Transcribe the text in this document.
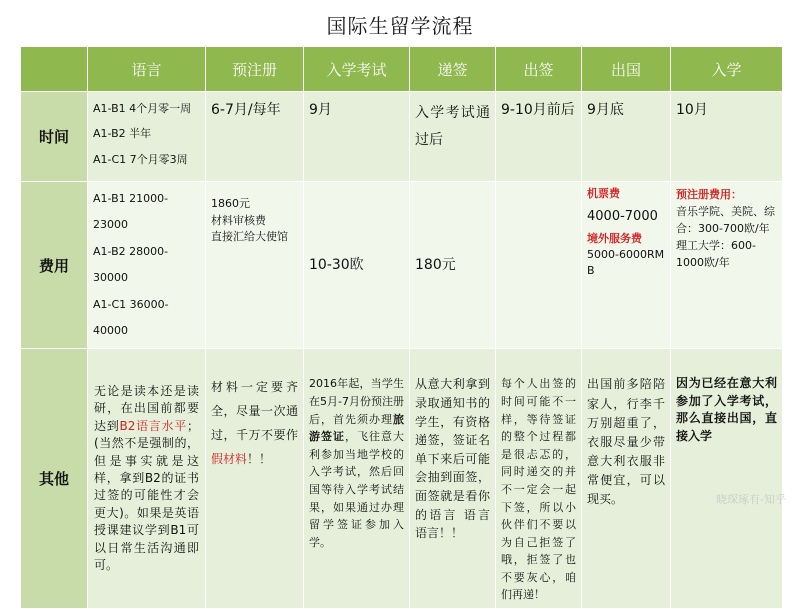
国际生留学流程
	语言	预注册	入学考试	递签	出签	出国	入学
时间	A1-B1 4个月零一周
A1-B2 半年
A1-C1 7个月零3周	6-7月/每年	9月	入学考试通过后	9-10月前后	9月底	10月

费用	A1-B1 21000-23000
A1-B2 28000-30000
A1-C1 36000-40000	1860元
材料审核费
直接汇给大使馆	10-30欧	180元		机票费
4000-7000
境外服务费
5000-6000RMB	预注册费用：
音乐学院、美院、综合：300-700欧/年
理工大学：600-1000欧/年

其他	无论是读本还是读研，在出国前都要达到B2语言水平；(当然不是强制的，但是事实就是这样，拿到B2的证书过签的可能性才会更大)。如果是英语授课建议学到B1可以日常生活沟通即可。	材料一定要齐全，尽量一次通过，千万不要作假材料！！	2016年起，当学生在5月-7月份预注册后，首先须办理旅游签证，飞往意大利参加当地学校的入学考试，然后回国等待入学考试结果，如果通过办理留学签证参加入学。	从意大利拿到录取通知书的学生，有资格递签，签证名单下来后可能会抽到面签，面签就是看你的语言 语言 语言！！	每个人出签的时间可能不一样，等待签证的整个过程都是很忐忑的，同时递交的并不一定会一起下签，所以小伙伴们不要以为自己拒签了哦，拒签了也不要灰心，咱们再递！	出国前多陪陪家人，行李千万别超重了，衣服尽量少带意大利衣服非常便宜，可以现买。	因为已经在意大利参加了入学考试，那么直接出国，直接入学
晓琛琢有-知乎
